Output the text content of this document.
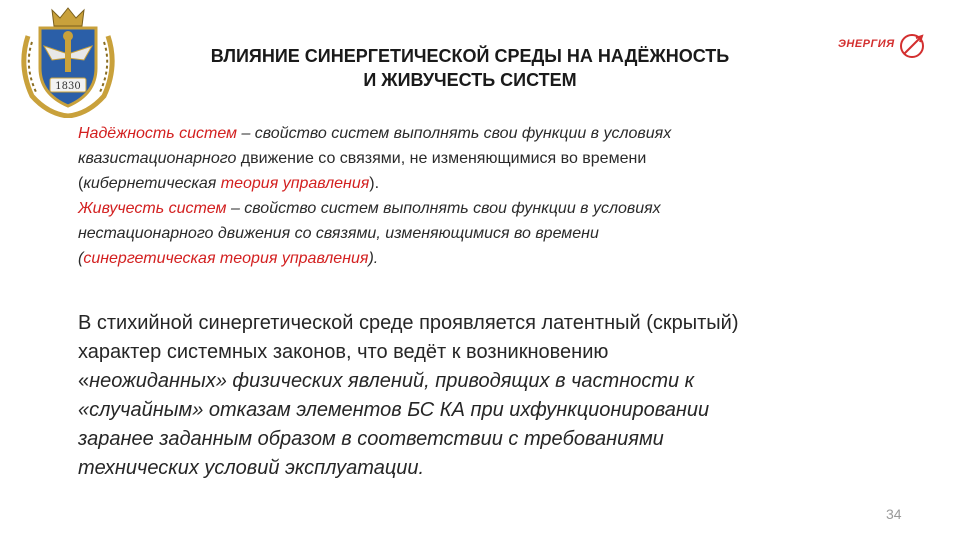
1830
ВЛИЯНИЕ СИНЕРГЕТИЧЕСКОЙ СРЕДЫ НА НАДЁЖНОСТЬ
И ЖИВУЧЕСТЬ СИСТЕМ
ЭНЕРГИЯ

Надёжность систем – свойство систем выполнять свои функции в условиях

квазистационарного движение со связями, не изменяющимися во времени

(кибернетическая теория управления).

Живучесть систем – свойство систем выполнять свои функции в условиях

нестационарного движения со связями, изменяющимися во времени

(синергетическая теория управления).

В стихийной синергетической среде проявляется латентный (скрытый)

характер системных законов, что ведёт к возникновению

«неожиданных» физических явлений, приводящих в частности к

«случайным» отказам элементов БС КА при ихфункционировании

заранее заданным образом в соответствии с требованиями

технических условий эксплуатации.

34
